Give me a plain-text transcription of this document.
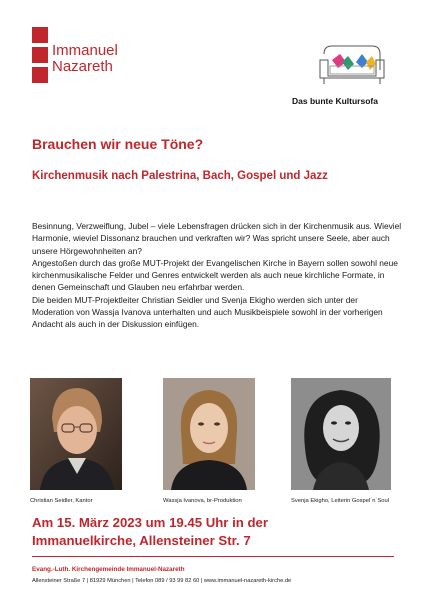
Immanuel
Nazareth
Das bunte Kultursofa
Brauchen wir neue Töne?
Kirchenmusik nach Palestrina, Bach, Gospel und Jazz

Besinnung, Verzweiflung, Jubel – viele Lebensfragen drücken sich in der Kirchenmusik aus. Wieviel Harmonie, wieviel Dissonanz brauchen und verkraften wir? Was spricht unsere Seele, aber auch unsere Hörgewohnheiten an?

Angestoßen durch das große MUT-Projekt der Evangelischen Kirche in Bayern sollen sowohl neue kirchenmusikalische Felder und Genres entwickelt werden als auch neue kirchliche Formate, in denen Gemeinschaft und Glauben neu erfahrbar werden.

Die beiden MUT-Projektleiter Christian Seidler und Svenja Ekigho werden sich unter der Moderation von Wassja Ivanova unterhalten und auch Musikbeispiele sowohl in der vorherigen Andacht als auch in der Diskussion einfügen.

Christian Seidler, Kantor	Wassja Ivanova, br-Produktion	Svenja Ekigho, Leiterin Gospel´n´Soul
Am 15. März 2023 um 19.45 Uhr in der
Immanuelkirche, Allensteiner Str. 7
Evang.-Luth. Kirchengemeinde Immanuel-Nazareth
Allensteiner Straße 7 | 81929 München | Telefon 089 / 93 99 82 60 | www.immanuel-nazareth-kirche.de
